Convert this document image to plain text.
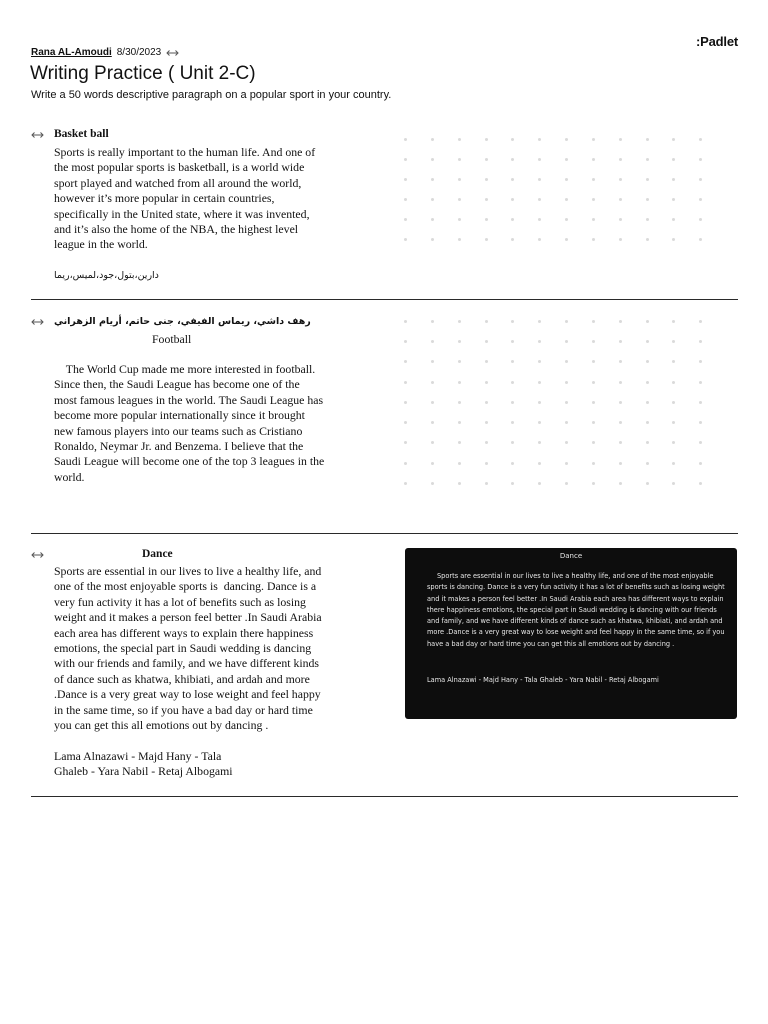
Rana AL-Amoudi 8/30/2023
:Padlet
Writing Practice ( Unit 2-C)
Write a 50 words descriptive paragraph on a popular sport in your country.
Basket ball
Sports is really important to the human life. And one of
the most popular sports is basketball, is a world wide
sport played and watched from all around the world,
however it’s more popular in certain countries,
specifically in the United state, where it was invented,
and it’s also the home of the NBA, the highest level
league in the world.
دارين،بتول،جود،لميس،ريما
رهف داشي، ريماس الفيفي، جنى حاتم، أريام الزهراني
Football
The World Cup made me more interested in football.
Since then, the Saudi League has become one of the
most famous leagues in the world. The Saudi League has
become more popular internationally since it brought
new famous players into our teams such as Cristiano
Ronaldo, Neymar Jr. and Benzema. I believe that the
Saudi League will become one of the top 3 leagues in the
world.
Dance
Sports are essential in our lives to live a healthy life, and
one of the most enjoyable sports is  dancing. Dance is a
very fun activity it has a lot of benefits such as losing
weight and it makes a person feel better .In Saudi Arabia
each area has different ways to explain there happiness
emotions, the special part in Saudi wedding is dancing
with our friends and family, and we have different kinds
of dance such as khatwa, khibiati, and ardah and more
.Dance is a very great way to lose weight and feel happy
in the same time, so if you have a bad day or hard time
you can get this all emotions out by dancing .
Lama Alnazawi - Majd Hany - Tala
Ghaleb - Yara Nabil - Retaj Albogami
Dance
Sports are essential in our lives to live a healthy life, and one of the most enjoyable sports is dancing. Dance is a very fun activity it has a lot of benefits such as losing weight and it makes a person feel better .In Saudi Arabia each area has different ways to explain there happiness emotions, the special part in Saudi wedding is dancing with our friends and family, and we have different kinds of dance such as khatwa, khibiati, and ardah and more .Dance is a very great way to lose weight and feel happy in the same time, so if you have a bad day or hard time you can get this all emotions out by dancing .
Lama Alnazawi - Majd Hany - Tala Ghaleb - Yara Nabil - Retaj Albogami
